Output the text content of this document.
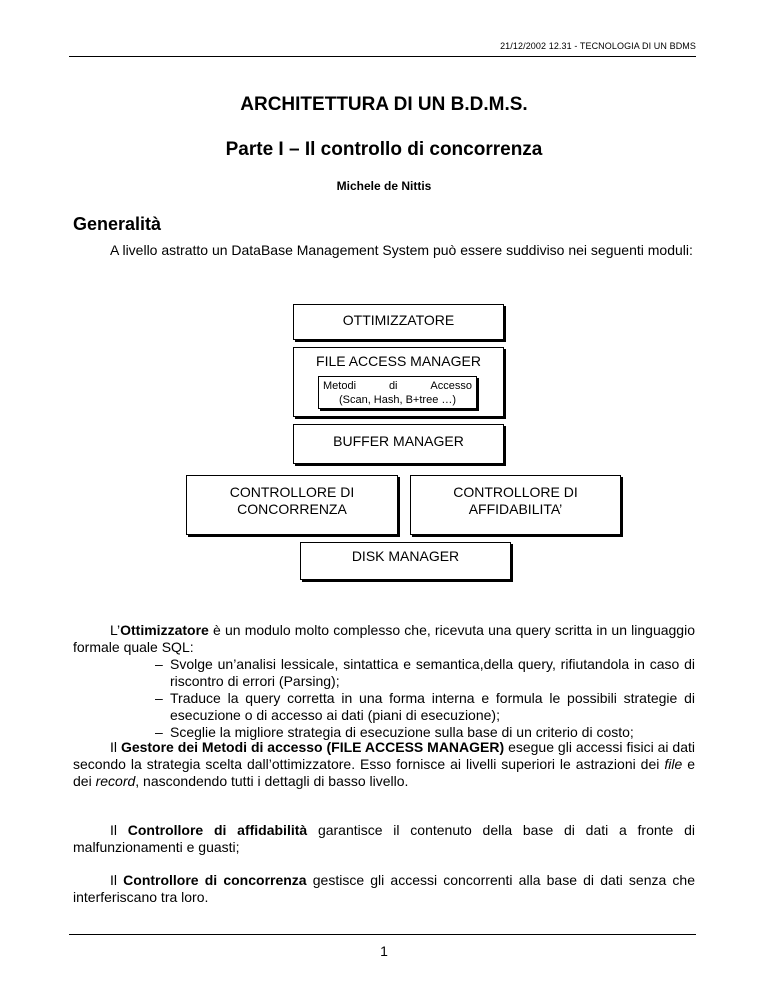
21/12/2002 12.31 - TECNOLOGIA DI UN BDMS
ARCHITETTURA DI UN B.D.M.S.
Parte I – Il controllo di concorrenza
Michele de Nittis
Generalità
A livello astratto un DataBase Management System può essere suddiviso nei seguenti moduli:
OTTIMIZZATORE
FILE ACCESS MANAGER
Metodi	di	Accesso
(Scan, Hash, B+tree …)
BUFFER MANAGER
CONTROLLORE DI
CONCORRENZA
CONTROLLORE DI
AFFIDABILITA’
DISK MANAGER
L’Ottimizzatore è un modulo molto complesso che, ricevuta una query scritta in un linguaggio formale quale SQL:
– Svolge un’analisi lessicale, sintattica e semantica,della query, rifiutandola in caso di riscontro di errori (Parsing);
– Traduce la query corretta in una forma interna e formula le possibili strategie di esecuzione o di accesso ai dati (piani di esecuzione);
– Sceglie la migliore strategia di esecuzione sulla base di un criterio di costo;
Il Gestore dei Metodi di accesso (FILE ACCESS MANAGER) esegue gli accessi fisici ai dati secondo la strategia scelta dall’ottimizzatore. Esso fornisce ai livelli superiori le astrazioni dei file e dei record, nascondendo tutti i dettagli di basso livello.
Il Controllore di affidabilità garantisce il contenuto della base di dati a fronte di malfunzionamenti e guasti;
Il Controllore di concorrenza gestisce gli accessi concorrenti alla base di dati senza che interferiscano tra loro.
1
